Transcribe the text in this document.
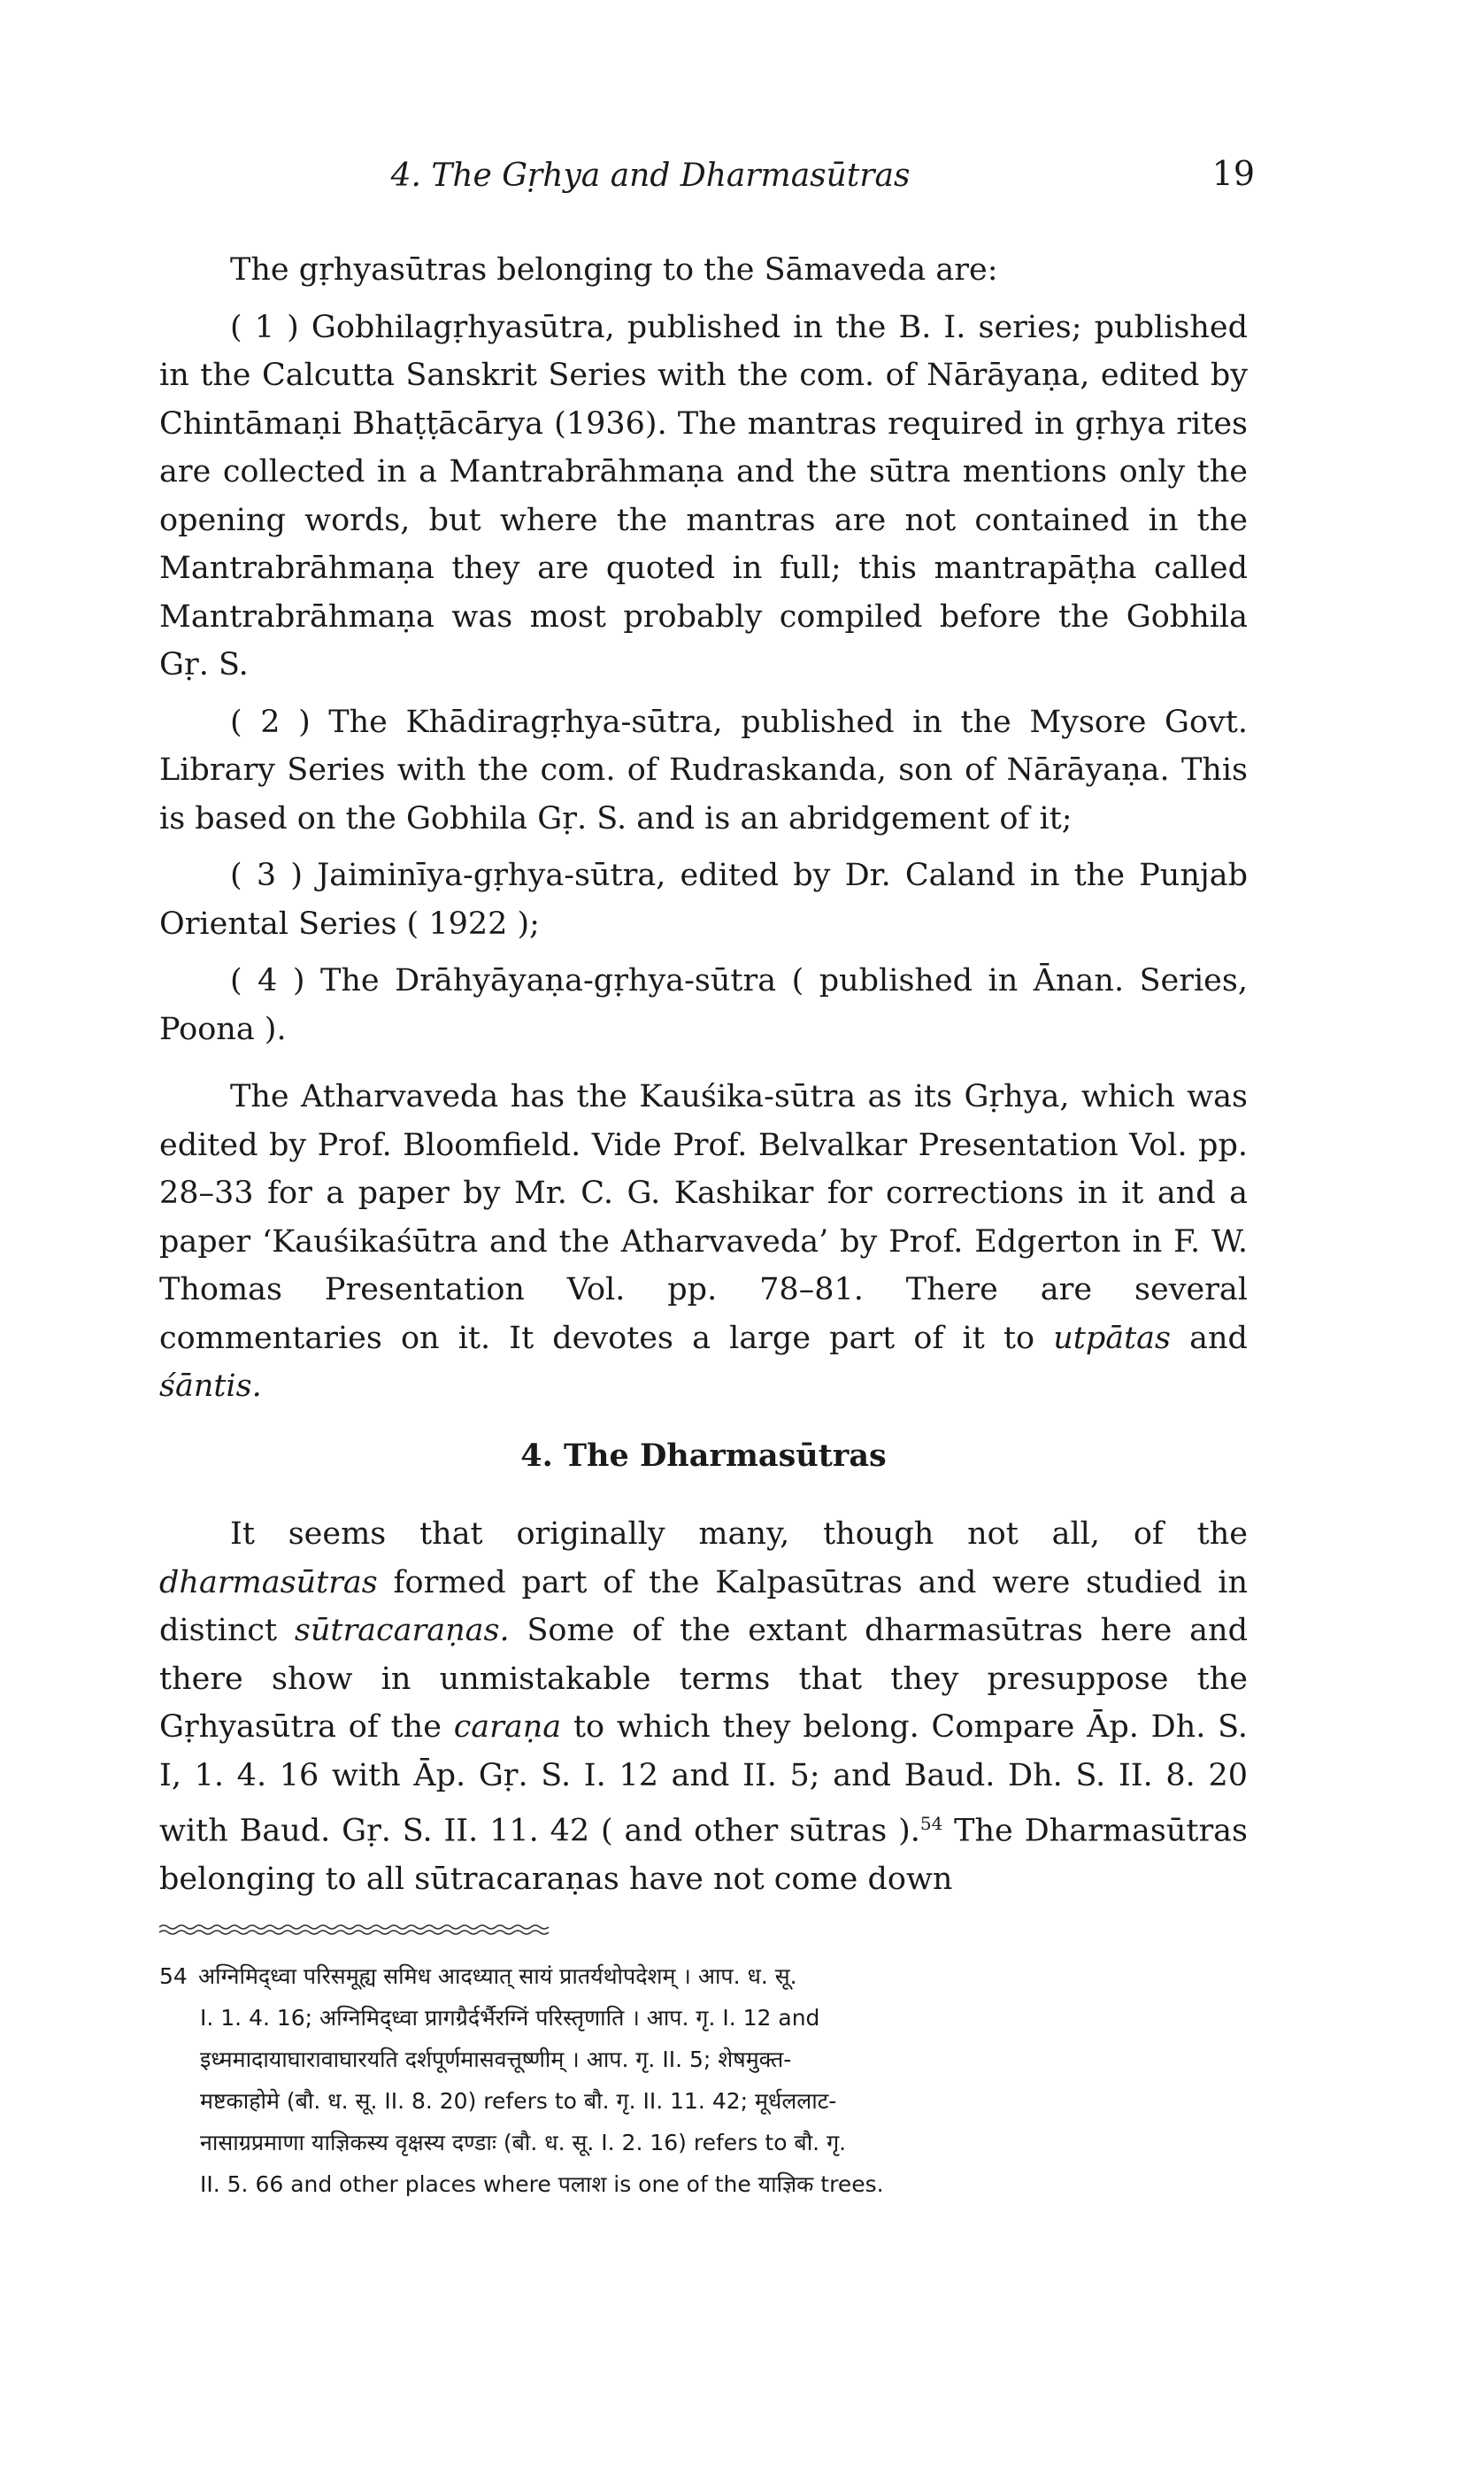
4. The Gṛhya and Dharmasūtras	19

The gṛhyasūtras belonging to the Sāmaveda are:

( 1 ) Gobhilagṛhyasūtra, published in the B. I. series; published in the Calcutta Sanskrit Series with the com. of Nārāyaṇa, edited by Chintāmaṇi Bhaṭṭācārya (1936). The mantras required in gṛhya rites are collected in a Mantrabrāhmaṇa and the sūtra mentions only the opening words, but where the mantras are not contained in the Mantrabrāhmaṇa they are quoted in full; this mantrapāṭha called Mantrabrāhmaṇa was most probably compiled before the Gobhila Gṛ. S.

( 2 ) The Khādiragṛhya-sūtra, published in the Mysore Govt. Library Series with the com. of Rudraskanda, son of Nārāyaṇa. This is based on the Gobhila Gṛ. S. and is an abridgement of it;

( 3 ) Jaiminīya-gṛhya-sūtra, edited by Dr. Caland in the Punjab Oriental Series ( 1922 );

( 4 ) The Drāhyāyaṇa-gṛhya-sūtra ( published in Ānan. Series, Poona ).

The Atharvaveda has the Kauśika-sūtra as its Gṛhya, which was edited by Prof. Bloomfield. Vide Prof. Belvalkar Presentation Vol. pp. 28–33 for a paper by Mr. C. G. Kashikar for corrections in it and a paper ‘Kauśikaśūtra and the Atharvaveda’ by Prof. Edgerton in F. W. Thomas Presentation Vol. pp. 78–81. There are several commentaries on it. It devotes a large part of it to utpātas and śāntis.

4. The Dharmasūtras

It seems that originally many, though not all, of the dharmasūtras formed part of the Kalpasūtras and were studied in distinct sūtracaraṇas. Some of the extant dharmasūtras here and there show in unmistakable terms that they presuppose the Gṛhyasūtra of the caraṇa to which they belong. Compare Āp. Dh. S. I, 1. 4. 16 with Āp. Gṛ. S. I. 12 and II. 5; and Baud. Dh. S. II. 8. 20 with Baud. Gṛ. S. II. 11. 42 ( and other sūtras ).$^{54}$ The Dharmasūtras belonging to all sūtracaraṇas have not come down

54 अग्निमिद्ध्वा परिसमूह्य समिध आदध्यात् सायं प्रातर्यथोपदेशम् । आप. ध. सू.
I. 1. 4. 16; अग्निमिद्ध्वा प्रागग्रैर्दर्भैरग्निं परिस्तृणाति । आप. गृ. I. 12 and
इध्ममादायाघारावाघारयति दर्शपूर्णमासवत्तूष्णीम् । आप. गृ. II. 5; शेषमुक्त-
मष्टकाहोमे (बौ. ध. सू. II. 8. 20) refers to बौ. गृ. II. 11. 42; मूर्धललाट-
नासाग्रप्रमाणा याज्ञिकस्य वृक्षस्य दण्डाः (बौ. ध. सू. I. 2. 16) refers to बौ. गृ.
II. 5. 66 and other places where पलाश is one of the याज्ञिक trees.
